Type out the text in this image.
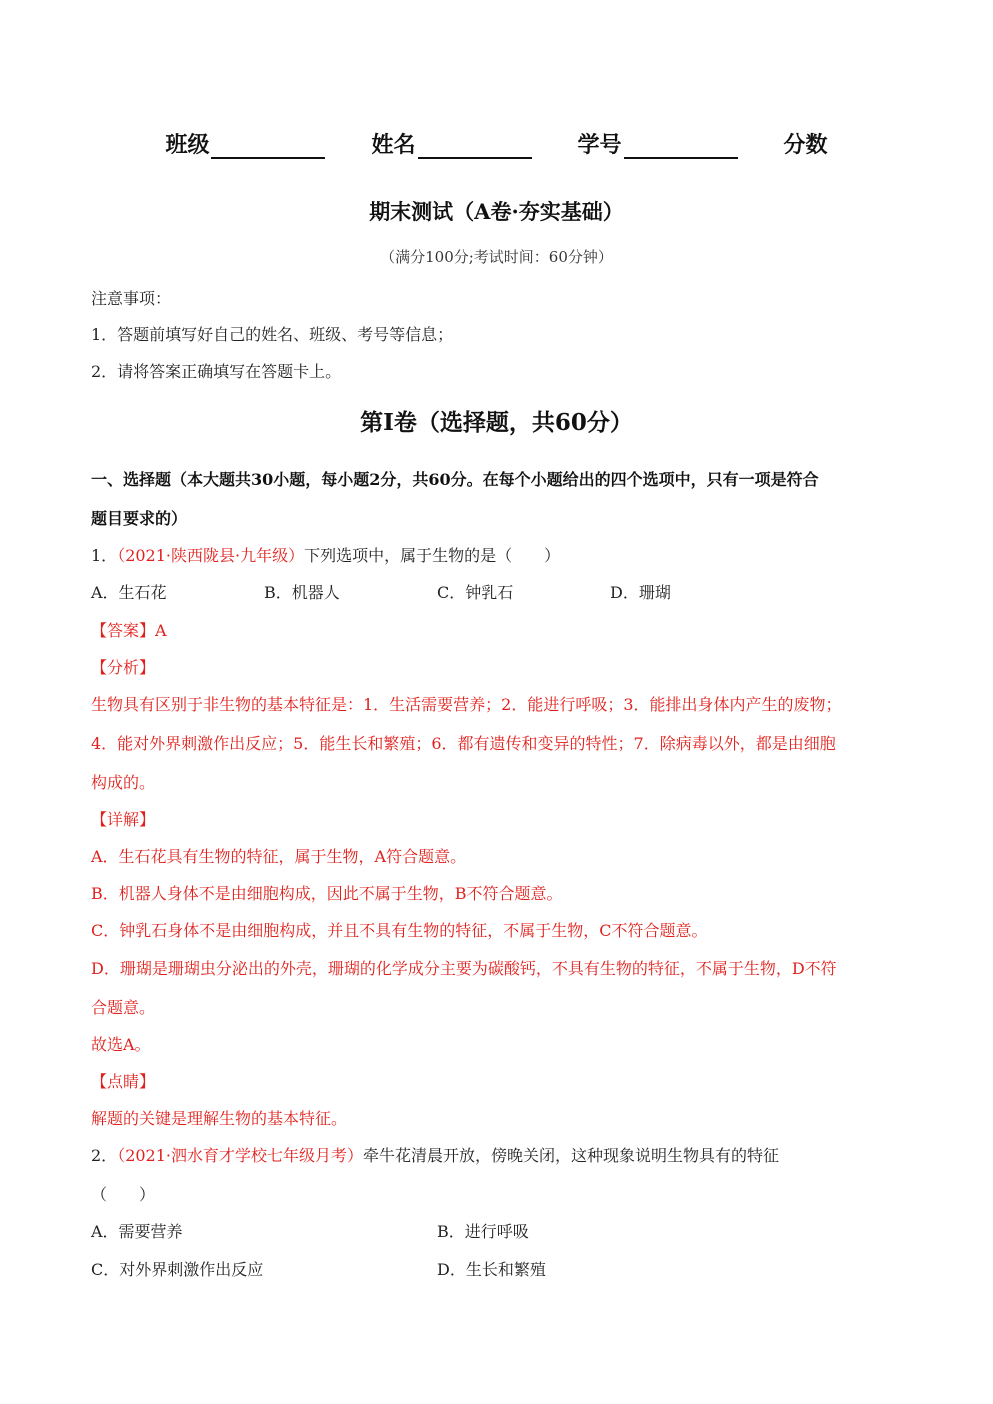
班级	姓名	学号	分数
期末测试（A卷·夯实基础）
（满分100分;考试时间：60分钟）
注意事项：
1．答题前填写好自己的姓名、班级、考号等信息；
2．请将答案正确填写在答题卡上。
第Ⅰ卷（选择题，共60分）
一、选择题（本大题共30小题，每小题2分，共60分。在每个小题给出的四个选项中，只有一项是符合
题目要求的）
1．（2021·陕西陇县·九年级）下列选项中，属于生物的是（　　）
A．生石花	B．机器人	C．钟乳石	D．珊瑚
【答案】A
【分析】
生物具有区别于非生物的基本特征是：1．生活需要营养；2．能进行呼吸；3．能排出身体内产生的废物；
4．能对外界刺激作出反应；5．能生长和繁殖；6．都有遗传和变异的特性；7．除病毒以外，都是由细胞
构成的。
【详解】
A．生石花具有生物的特征，属于生物，A符合题意。
B．机器人身体不是由细胞构成，因此不属于生物，B不符合题意。
C．钟乳石身体不是由细胞构成，并且不具有生物的特征，不属于生物，C不符合题意。
D．珊瑚是珊瑚虫分泌出的外壳，珊瑚的化学成分主要为碳酸钙，不具有生物的特征，不属于生物，D不符
合题意。
故选A。
【点睛】
解题的关键是理解生物的基本特征。
2．（2021·泗水育才学校七年级月考）牵牛花清晨开放，傍晚关闭，这种现象说明生物具有的特征
（　　）
A．需要营养	B．进行呼吸
C．对外界刺激作出反应	D．生长和繁殖
